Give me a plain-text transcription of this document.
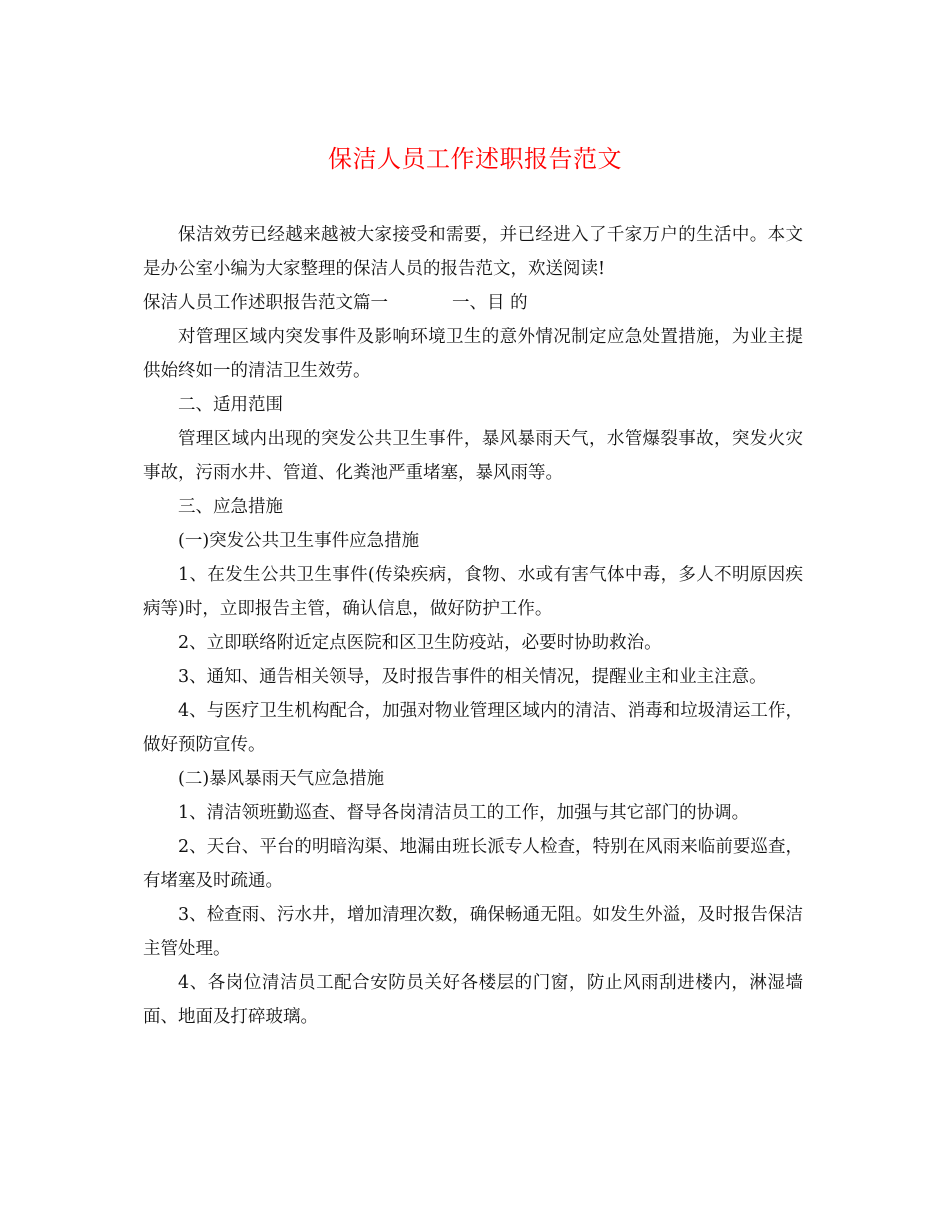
保洁人员工作述职报告范文

保洁效劳已经越来越被大家接受和需要，并已经进入了千家万户的生活中。本文是办公室小编为大家整理的保洁人员的报告范文，欢送阅读!

保洁人员工作述职报告范文篇一	一、目 的

对管理区域内突发事件及影响环境卫生的意外情况制定应急处置措施，为业主提供始终如一的清洁卫生效劳。

二、适用范围

管理区域内出现的突发公共卫生事件，暴风暴雨天气，水管爆裂事故，突发火灾事故，污雨水井、管道、化粪池严重堵塞，暴风雨等。

三、应急措施

(一)突发公共卫生事件应急措施

1、在发生公共卫生事件(传染疾病，食物、水或有害气体中毒，多人不明原因疾病等)时，立即报告主管，确认信息，做好防护工作。

2、立即联络附近定点医院和区卫生防疫站，必要时协助救治。

3、通知、通告相关领导，及时报告事件的相关情况，提醒业主和业主注意。

4、与医疗卫生机构配合，加强对物业管理区域内的清洁、消毒和垃圾清运工作，做好预防宣传。

(二)暴风暴雨天气应急措施

1、清洁领班勤巡查、督导各岗清洁员工的工作，加强与其它部门的协调。

2、天台、平台的明暗沟渠、地漏由班长派专人检查，特别在风雨来临前要巡查，有堵塞及时疏通。

3、检查雨、污水井，增加清理次数，确保畅通无阻。如发生外溢，及时报告保洁主管处理。

4、各岗位清洁员工配合安防员关好各楼层的门窗，防止风雨刮进楼内，淋湿墙面、地面及打碎玻璃。
